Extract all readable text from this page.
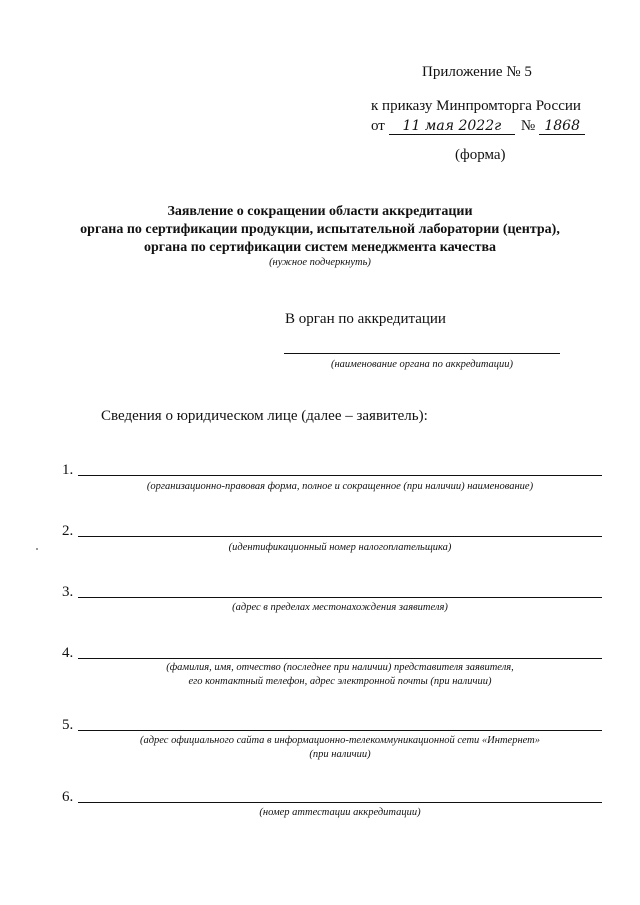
Приложение № 5
к приказу Минпромторга России
от	11 мая 2022г	№ 1868
(форма)
Заявление о сокращении области аккредитации
органа по сертификации продукции, испытательной лаборатории (центра),
органа по сертификации систем менеджмента качества
(нужное подчеркнуть)
В орган по аккредитации
(наименование органа по аккредитации)
Сведения о юридическом лице (далее – заявитель):
1.
(организационно-правовая форма, полное и сокращенное (при наличии) наименование)
2.
(идентификационный номер налогоплательщика)
3.
(адрес в пределах местонахождения заявителя)
4.
(фамилия, имя, отчество (последнее при наличии) представителя заявителя,
его контактный телефон, адрес электронной почты (при наличии)
5.
(адрес официального сайта в информационно-телекоммуникационной сети «Интернет»
(при наличии)
6.
(номер аттестации аккредитации)
